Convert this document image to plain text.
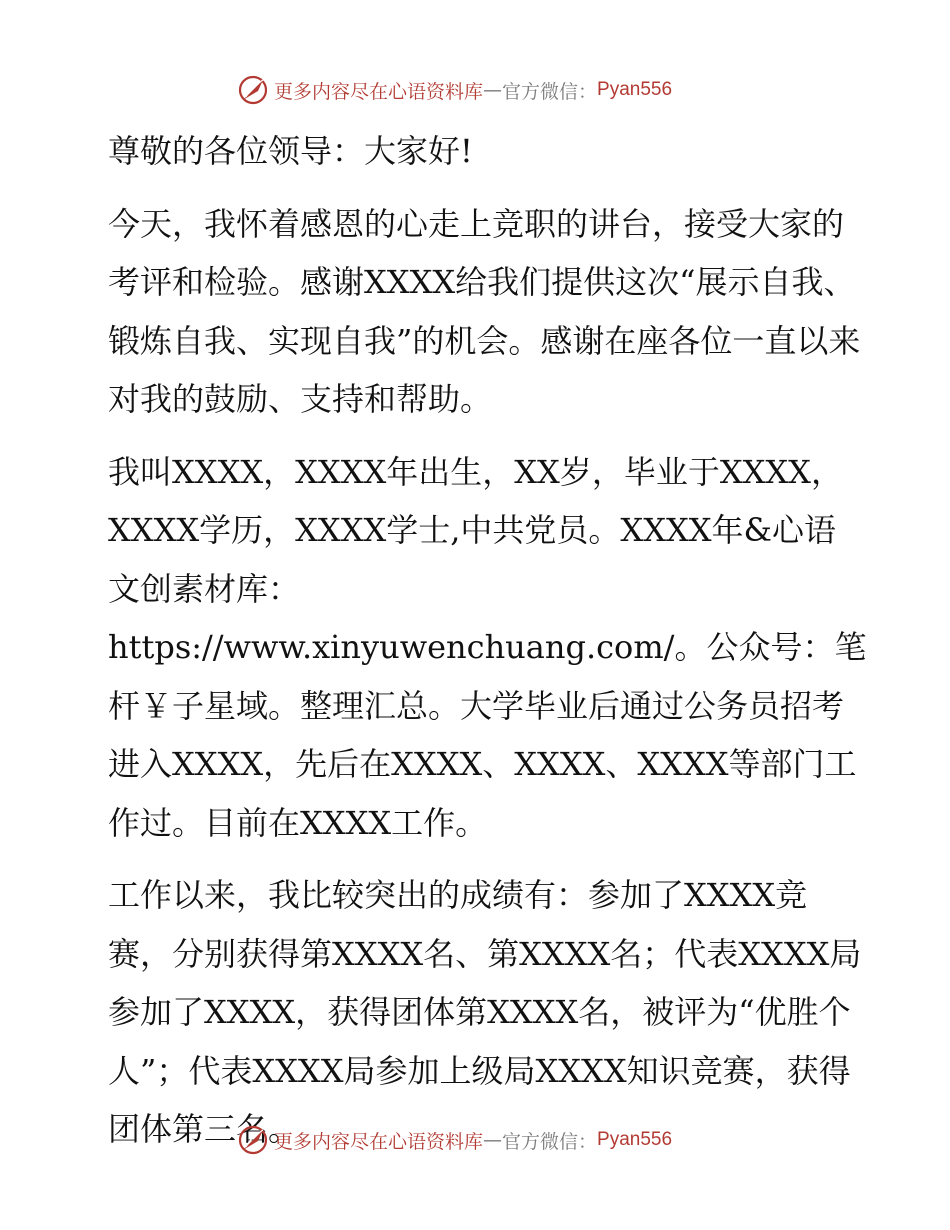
更多内容尽在心语资料库 — 官方微信： Pyan556

尊敬的各位领导：大家好!

今天，我怀着感恩的心走上竞职的讲台，接受大家的考评和检验。感谢XXXX给我们提供这次“展示自我、锻炼自我、实现自我”的机会。感谢在座各位一直以来对我的鼓励、支持和帮助。

我叫XXXX，XXXX年出生，XX岁，毕业于XXXX，XXXX学历，XXXX学士,中共党员。XXXX年&心语文创素材库：https://www.xinyuwenchuang.com/。公众号：笔杆￥子星域。整理汇总。大学毕业后通过公务员招考进入XXXX，先后在XXXX、XXXX、XXXX等部门工作过。目前在XXXX工作。

工作以来，我比较突出的成绩有：参加了XXXX竞赛，分别获得第XXXX名、第XXXX名；代表XXXX局参加了XXXX，获得团体第XXXX名，被评为“优胜个人”；代表XXXX局参加上级局XXXX知识竞赛，获得团体第三名。

更多内容尽在心语资料库 — 官方微信： Pyan556
